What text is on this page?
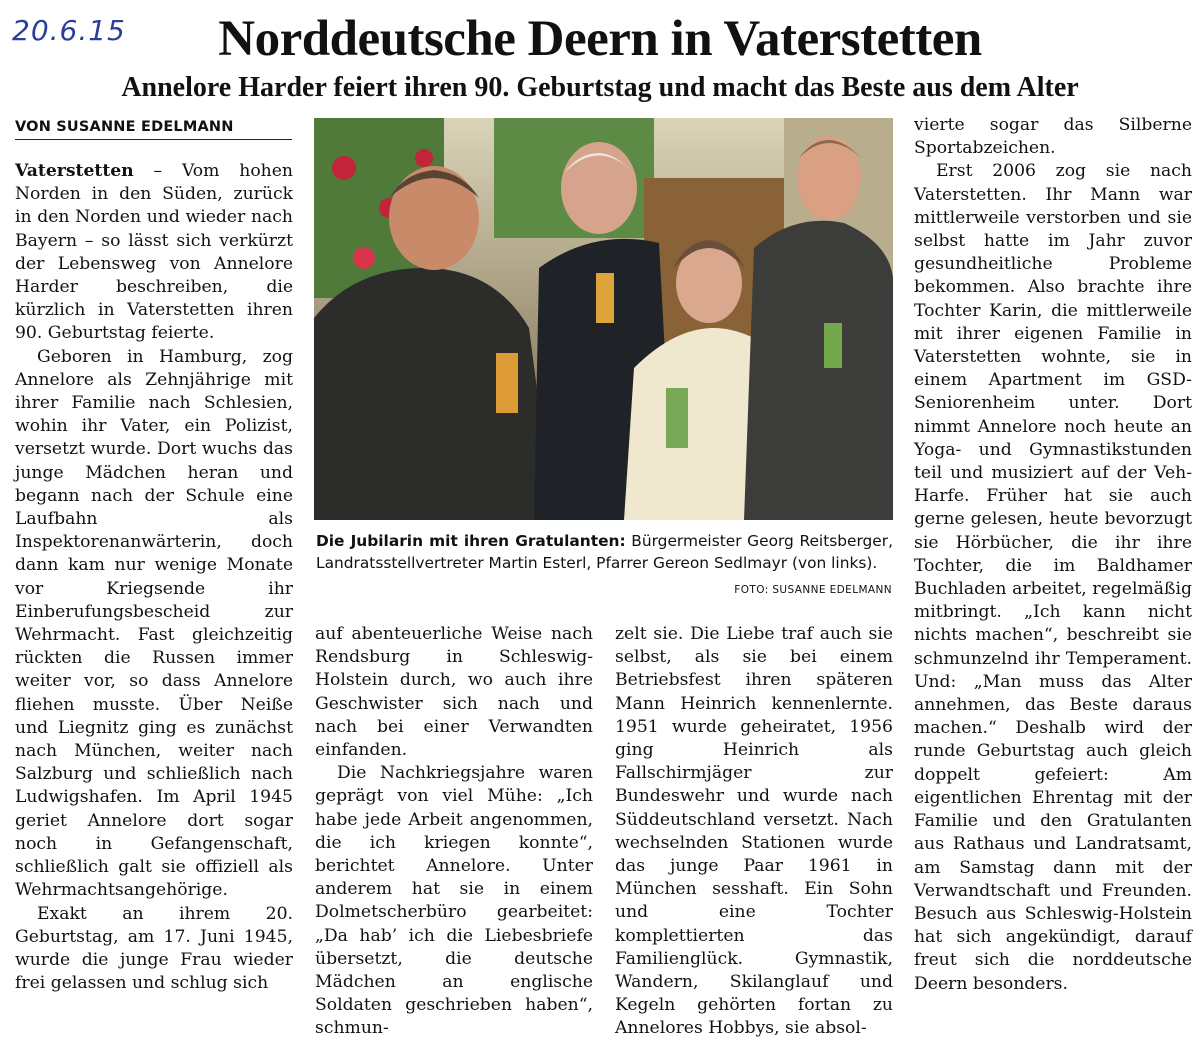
20.6.15	Norddeutsche Deern in Vaterstetten
Annelore Harder feiert ihren 90. Geburtstag und macht das Beste aus dem Alter
VON SUSANNE EDELMANN

Vaterstetten – Vom hohen Norden in den Süden, zurück in den Norden und wieder nach Bayern – so lässt sich verkürzt der Lebensweg von Annelore Harder beschreiben, die kürzlich in Vaterstetten ihren 90. Geburtstag feierte.

Geboren in Hamburg, zog Annelore als Zehnjährige mit ihrer Familie nach Schlesien, wohin ihr Vater, ein Polizist, versetzt wurde. Dort wuchs das junge Mädchen heran und begann nach der Schule eine Laufbahn als Inspektorenanwärterin, doch dann kam nur wenige Monate vor Kriegsende ihr Einberufungsbescheid zur Wehrmacht. Fast gleichzeitig rückten die Russen immer weiter vor, so dass Annelore fliehen musste. Über Neiße und Liegnitz ging es zunächst nach München, weiter nach Salzburg und schließlich nach Ludwigshafen. Im April 1945 geriet Annelore dort sogar noch in Gefangenschaft, schließlich galt sie offiziell als Wehrmachtsangehörige.

Exakt an ihrem 20. Geburtstag, am 17. Juni 1945, wurde die junge Frau wieder frei gelassen und schlug sich

Die Jubilarin mit ihren Gratulanten: Bürgermeister Georg Reitsberger, Landratsstellvertreter Martin Esterl, Pfarrer Gereon Sedlmayr (von links).
FOTO: SUSANNE EDELMANN

auf abenteuerliche Weise nach Rendsburg in Schleswig-Holstein durch, wo auch ihre Geschwister sich nach und nach bei einer Verwandten einfanden.

Die Nachkriegsjahre waren geprägt von viel Mühe: „Ich habe jede Arbeit angenommen, die ich kriegen konnte“, berichtet Annelore. Unter anderem hat sie in einem Dolmetscherbüro gearbeitet: „Da hab’ ich die Liebesbriefe übersetzt, die deutsche Mädchen an englische Soldaten geschrieben haben“, schmun-

zelt sie. Die Liebe traf auch sie selbst, als sie bei einem Betriebsfest ihren späteren Mann Heinrich kennenlernte. 1951 wurde geheiratet, 1956 ging Heinrich als Fallschirmjäger zur Bundeswehr und wurde nach Süddeutschland versetzt. Nach wechselnden Stationen wurde das junge Paar 1961 in München sesshaft. Ein Sohn und eine Tochter komplettierten das Familienglück. Gymnastik, Wandern, Skilanglauf und Kegeln gehörten fortan zu Annelores Hobbys, sie absol-

vierte sogar das Silberne Sportabzeichen.

Erst 2006 zog sie nach Vaterstetten. Ihr Mann war mittlerweile verstorben und sie selbst hatte im Jahr zuvor gesundheitliche Probleme bekommen. Also brachte ihre Tochter Karin, die mittlerweile mit ihrer eigenen Familie in Vaterstetten wohnte, sie in einem Apartment im GSD-Seniorenheim unter. Dort nimmt Annelore noch heute an Yoga- und Gymnastikstunden teil und musiziert auf der Veh-Harfe. Früher hat sie auch gerne gelesen, heute bevorzugt sie Hörbücher, die ihr ihre Tochter, die im Baldhamer Buchladen arbeitet, regelmäßig mitbringt. „Ich kann nicht nichts machen“, beschreibt sie schmunzelnd ihr Temperament. Und: „Man muss das Alter annehmen, das Beste daraus machen.“ Deshalb wird der runde Geburtstag auch gleich doppelt gefeiert: Am eigentlichen Ehrentag mit der Familie und den Gratulanten aus Rathaus und Landratsamt, am Samstag dann mit der Verwandtschaft und Freunden. Besuch aus Schleswig-Holstein hat sich angekündigt, darauf freut sich die norddeutsche Deern besonders.
